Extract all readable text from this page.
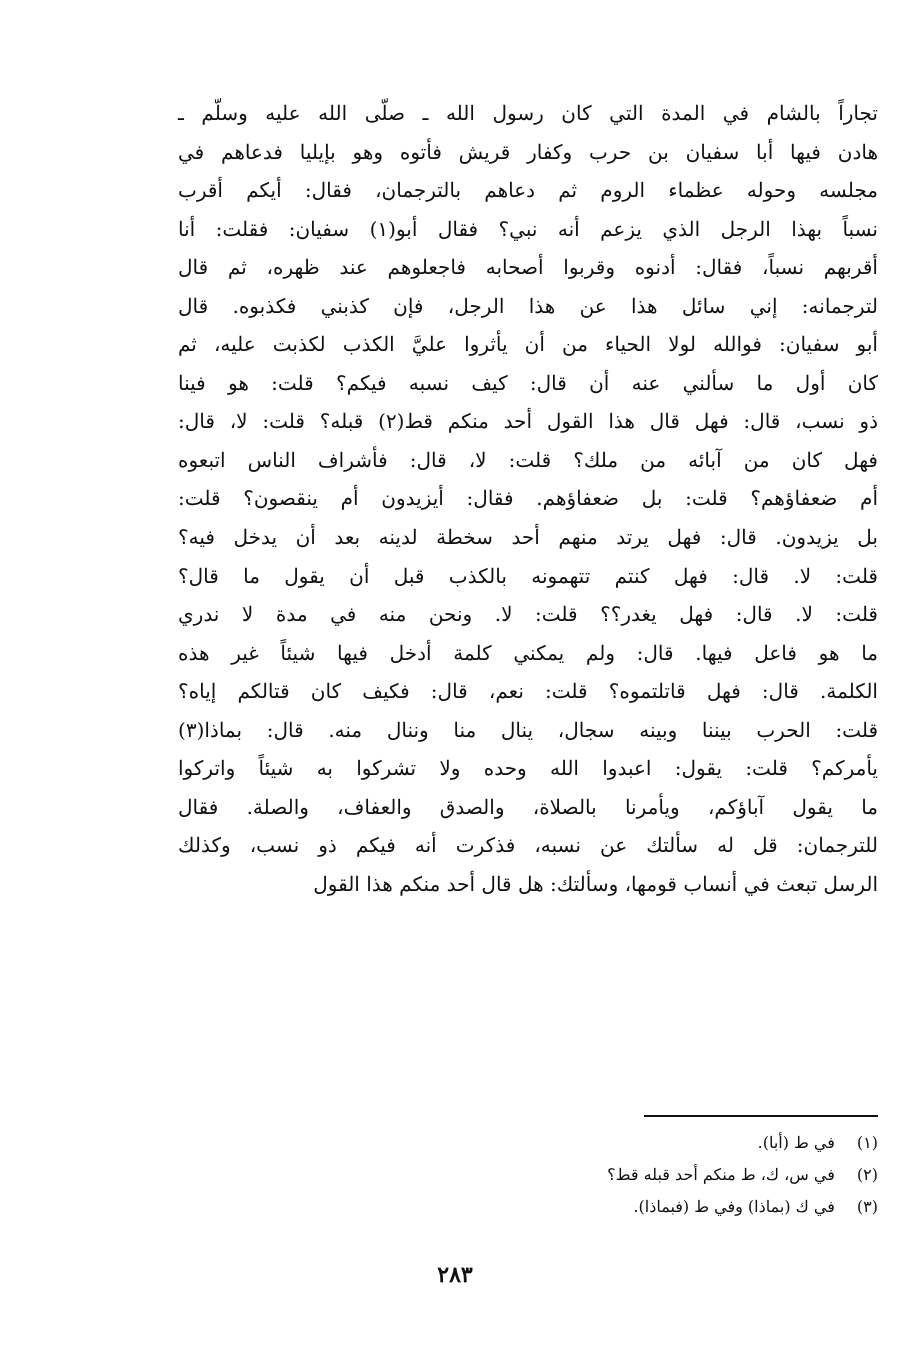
تجاراً بالشام في المدة التي كان رسول الله ـ صلّى الله عليه وسلّم ـ
هادن فيها أبا سفيان بن حرب وكفار قريش فأتوه وهو بإيليا فدعاهم في
مجلسه وحوله عظماء الروم ثم دعاهم بالترجمان، فقال: أيكم أقرب
نسباً بهذا الرجل الذي يزعم أنه نبي؟ فقال أبو(١) سفيان: فقلت: أنا
أقربهم نسباً، فقال: أدنوه وقربوا أصحابه فاجعلوهم عند ظهره، ثم قال
لترجمانه: إني سائل هذا عن هذا الرجل، فإن كذبني فكذبوه. قال
أبو سفيان: فوالله لولا الحياء من أن يأثروا عليَّ الكذب لكذبت عليه، ثم
كان أول ما سألني عنه أن قال: كيف نسبه فيكم؟ قلت: هو فينا
ذو نسب، قال: فهل قال هذا القول أحد منكم قط(٢) قبله؟ قلت: لا، قال:
فهل كان من آبائه من ملك؟ قلت: لا، قال: فأشراف الناس اتبعوه
أم ضعفاؤهم؟ قلت: بل ضعفاؤهم. فقال: أيزيدون أم ينقصون؟ قلت:
بل يزيدون. قال: فهل يرتد منهم أحد سخطة لدينه بعد أن يدخل فيه؟
قلت: لا. قال: فهل كنتم تتهمونه بالكذب قبل أن يقول ما قال؟
قلت: لا. قال: فهل يغدر؟؟ قلت: لا. ونحن منه في مدة لا ندري
ما هو فاعل فيها. قال: ولم يمكني كلمة أدخل فيها شيئاً غير هذه
الكلمة. قال: فهل قاتلتموه؟ قلت: نعم، قال: فكيف كان قتالكم إياه؟
قلت: الحرب بيننا وبينه سجال، ينال منا وننال منه. قال: بماذا(٣)
يأمركم؟ قلت: يقول: اعبدوا الله وحده ولا تشركوا به شيئاً واتركوا
ما يقول آباؤكم، ويأمرنا بالصلاة، والصدق والعفاف، والصلة. فقال
للترجمان: قل له سألتك عن نسبه، فذكرت أنه فيكم ذو نسب، وكذلك
الرسل تبعث في أنساب قومها، وسألتك: هل قال أحد منكم هذا القول
(١) في ط (أبا).
(٢) في س، ك، ط منكم أحد قبله قط؟
(٣) في ك (بماذا) وفي ط (فبماذا).
٢٨٣
